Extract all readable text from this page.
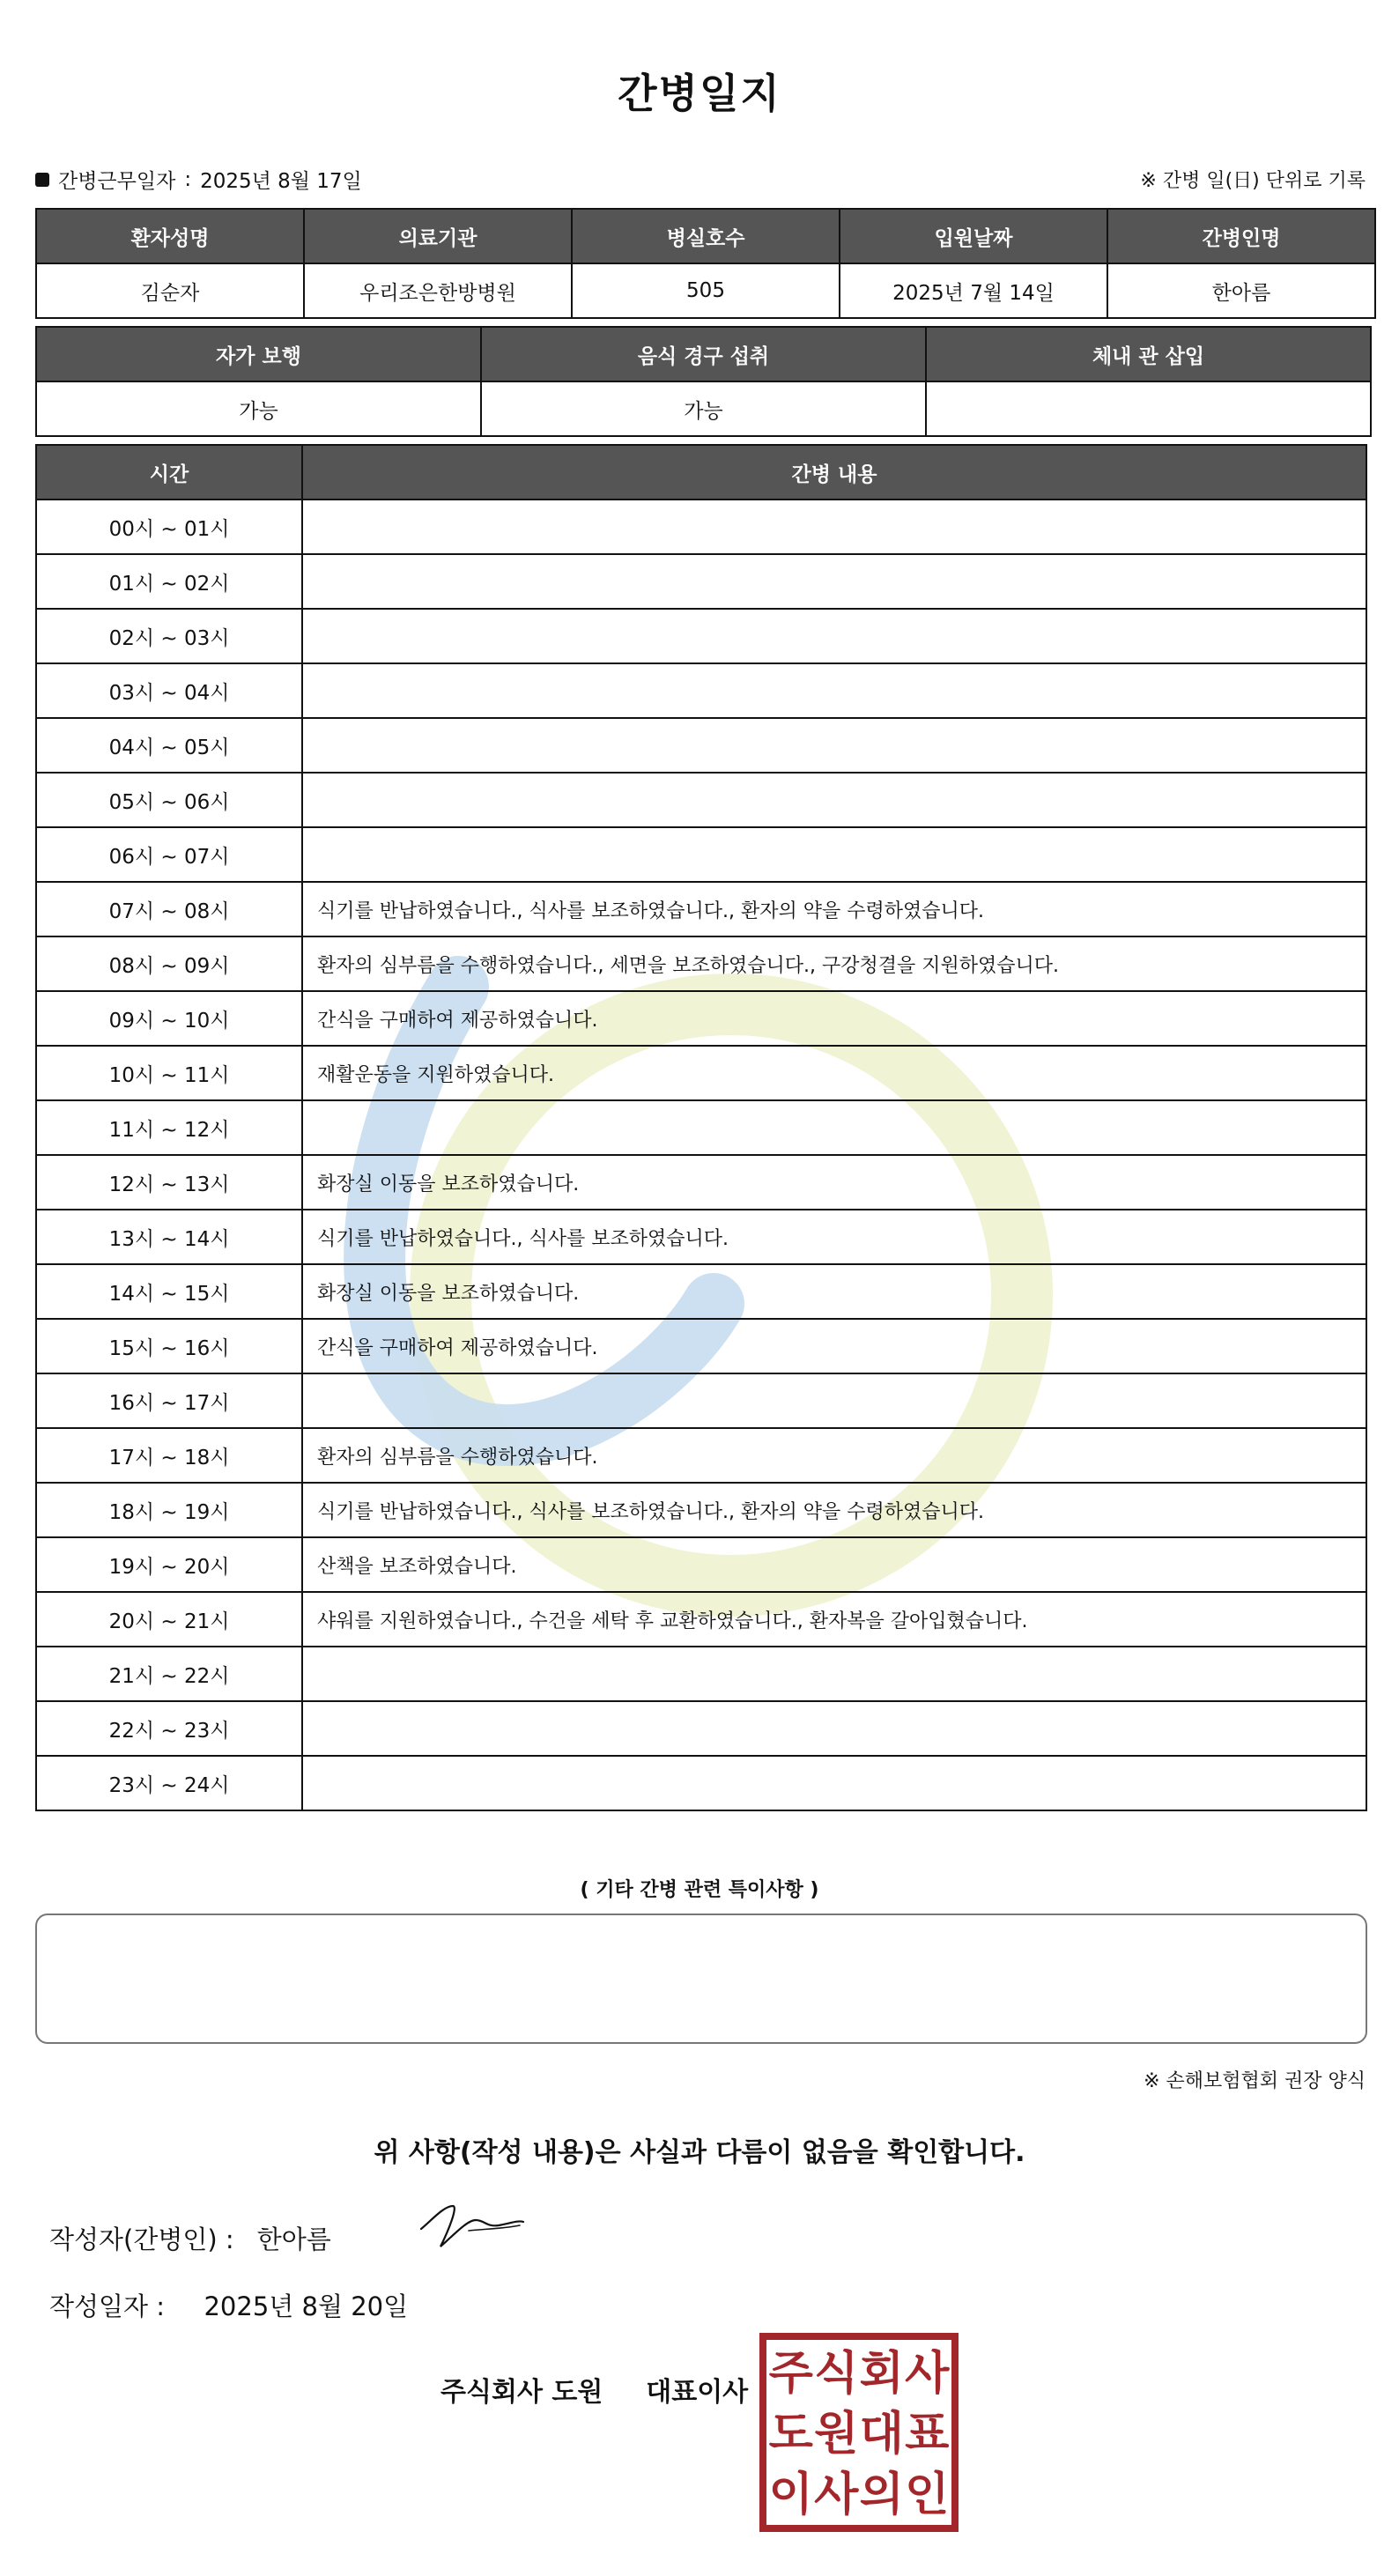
간병일지
간병근무일자 : 2025년 8월 17일	※ 간병 일(日) 단위로 기록
환자성명	의료기관	병실호수	입원날짜	간병인명
김순자	우리조은한방병원	505	2025년 7월 14일	한아름
자가 보행	음식 경구 섭취	체내 관 삽입
가능	가능	
시간	간병 내용
00시 ~ 01시	
01시 ~ 02시	
02시 ~ 03시	
03시 ~ 04시	
04시 ~ 05시	
05시 ~ 06시	
06시 ~ 07시	
07시 ~ 08시	식기를 반납하였습니다., 식사를 보조하였습니다., 환자의 약을 수령하였습니다.
08시 ~ 09시	환자의 심부름을 수행하였습니다., 세면을 보조하였습니다., 구강청결을 지원하였습니다.
09시 ~ 10시	간식을 구매하여 제공하였습니다.
10시 ~ 11시	재활운동을 지원하였습니다.
11시 ~ 12시	
12시 ~ 13시	화장실 이동을 보조하였습니다.
13시 ~ 14시	식기를 반납하였습니다., 식사를 보조하였습니다.
14시 ~ 15시	화장실 이동을 보조하였습니다.
15시 ~ 16시	간식을 구매하여 제공하였습니다.
16시 ~ 17시	
17시 ~ 18시	환자의 심부름을 수행하였습니다.
18시 ~ 19시	식기를 반납하였습니다., 식사를 보조하였습니다., 환자의 약을 수령하였습니다.
19시 ~ 20시	산책을 보조하였습니다.
20시 ~ 21시	샤워를 지원하였습니다., 수건을 세탁 후 교환하였습니다., 환자복을 갈아입혔습니다.
21시 ~ 22시	
22시 ~ 23시	
23시 ~ 24시	
( 기타 간병 관련 특이사항 )
※ 손해보험협회 권장 양식
위 사항(작성 내용)은 사실과 다름이 없음을 확인합니다.
작성자(간병인) : 한아름
작성일자 : 2025년 8월 20일
주식회사 도원 대표이사 주 식 회 사
도 원 대 표
이 사 의 인
